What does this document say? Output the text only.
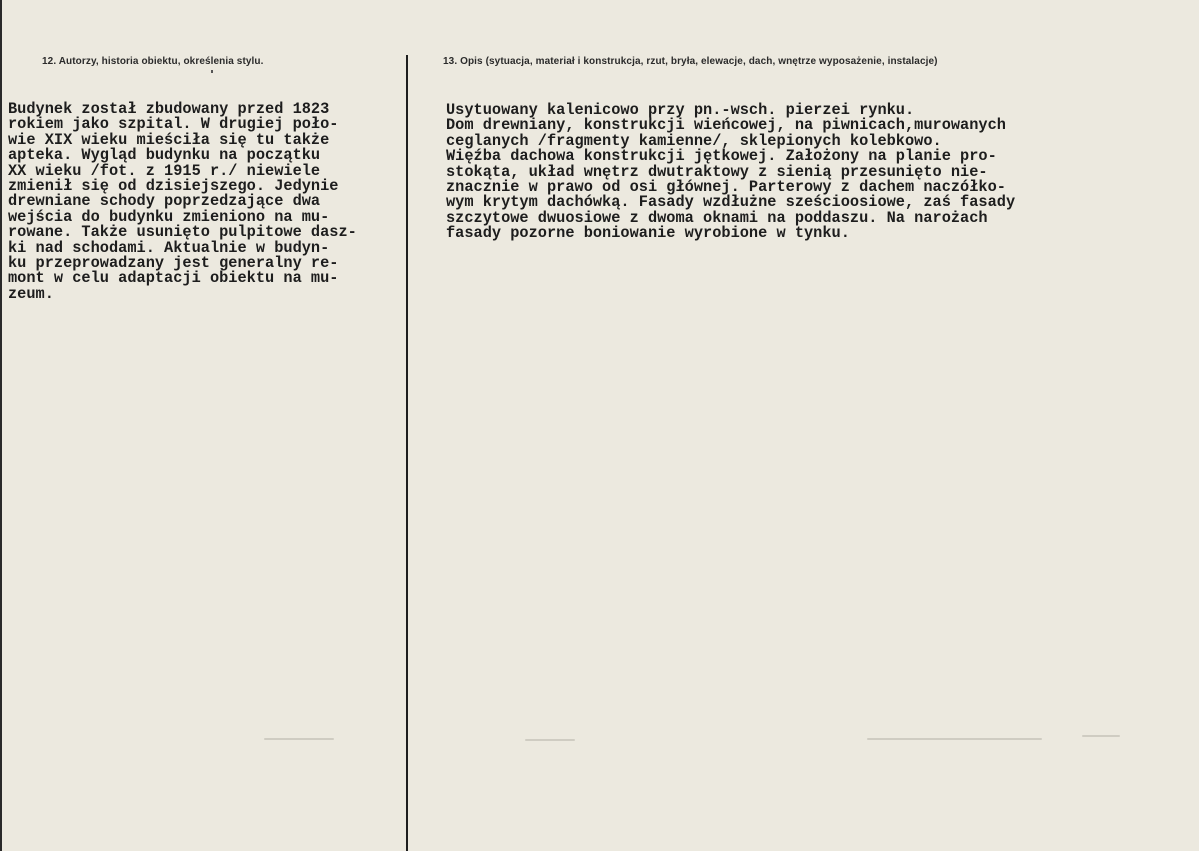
12. Autorzy, historia obiektu, określenia stylu.	13. Opis (sytuacja, materiał i konstrukcja, rzut, bryła, elewacje, dach, wnętrze wyposażenie, instalacje)
Budynek został zbudowany przed 1823
rokiem jako szpital. W drugiej poło-
wie XIX wieku mieściła się tu także
apteka. Wygląd budynku na początku
XX wieku /fot. z 1915 r./ niewiele
zmienił się od dzisiejszego. Jedynie
drewniane schody poprzedzające dwa
wejścia do budynku zmieniono na mu-
rowane. Także usunięto pulpitowe dasz-
ki nad schodami. Aktualnie w budyn-
ku przeprowadzany jest generalny re-
mont w celu adaptacji obiektu na mu-
zeum.
Usytuowany kalenicowo przy pn.-wsch. pierzei rynku.
Dom drewniany, konstrukcji wieńcowej, na piwnicach,murowanych
ceglanych /fragmenty kamienne/, sklepionych kolebkowo.
Więźba dachowa konstrukcji jętkowej. Założony na planie pro-
stokąta, układ wnętrz dwutraktowy z sienią przesunięto nie-
znacznie w prawo od osi głównej. Parterowy z dachem naczółko-
wym krytym dachówką. Fasady wzdłużne sześcioosiowe, zaś fasady
szczytowe dwuosiowe z dwoma oknami na poddaszu. Na narożach
fasady pozorne boniowanie wyrobione w tynku.
